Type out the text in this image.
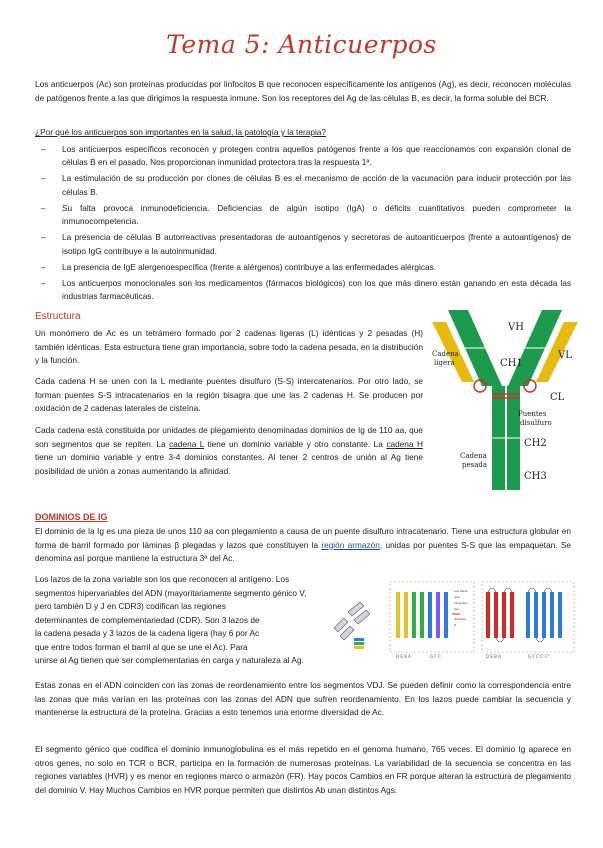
Tema 5: Anticuerpos

Los anticuerpos (Ac) son proteínas producidas por linfocitos B que reconocen específicamente los antígenos (Ag), es decir, reconocen moléculas de patógenos frente a las que dirigimos la respuesta inmune. Son los receptores del Ag de las células B, es decir, la forma soluble del BCR.

¿Por qué los anticuerpos son importantes en la salud, la patología y la terapia?
– Los anticuerpos específicos reconocen y protegen contra aquellos patógenos frente a los que reaccionamos con expansión clonal de células B en el pasado. Nos proporcionan inmunidad protectora tras la respuesta 1ª.
– La estimulación de su producción por clones de células B es el mecanismo de acción de la vacunación para inducir protección por las células B.
– Su falta provoca inmunodeficiencia. Deficiencias de algún isotipo (IgA) o déficits cuantitativos pueden comprometer la inmunocompetencia.
– La presencia de células B autorreactivas presentadoras de autoantígenos y secretoras de autoanticuerpos (frente a autoantígenos) de isotipo IgG contribuye a la autoinmunidad.
– La presencia de IgE alergenoespecífica (frente a alérgenos) contribuye a las enfermedades alérgicas.
– Los anticuerpos monoclonales son los medicamentos (fármacos biológicos) con los que más dinero están ganando en esta década las industrias farmacéuticas.
Estructura

Un monómero de Ac es un tetrámero formado por 2 cadenas ligeras (L) idénticas y 2 pesadas (H) también idénticas. Esta estructura tiene gran importancia, sobre todo la cadena pesada, en la distribución y la función.

Cada cadena H se unen con la L mediante puentes disulfuro (S-S) intercatenarios. Por otro lado, se forman puentes S-S intracatenarios en la región bisagra que une las 2 cadenas H. Se producen por oxidación de 2 cadenas laterales de cisteína.

Cada cadena está constituida por unidades de plegamiento denominadas dominios de Ig de 110 aa, que son segmentos que se repiten. La cadena L tiene un dominio variable y otro constante. La cadena H tiene un dominio variable y entre 3-4 dominios constantes. Al tener 2 centros de unión al Ag tiene posibilidad de unión a zonas aumentando la afinidad.

VH
VL
CH1
CL
CH2
CH3
Cadena
ligera
Puentes
disulfuro
Cadena
pesada
DOMINIOS DE IG

El dominio de la Ig es una pieza de unos 110 aa con plegamiento a causa de un puente disulfuro intracatenario. Tiene una estructura globular en forma de barril formado por láminas β plegadas y lazos que constituyen la región armazón, unidas por puentes S-S que las empaquetan. Se denomina así porque mantiene la estructura 3ª del Ac.

Los lazos de la zona variable son los que reconocen al antígeno. Los
segmentos hipervariables del ADN (mayoritariamente segmento génico V,
pero también D y J en CDR3) codifican las regiones
determinantes de complementariedad (CDR). Son 3 lazos de
la cadena pesada y 3 lazos de la cadena ligera (hay 6 por Ac
que entre todos forman el barril al que se une el Ac). Para
unirse al Ag tienen que ser complementarias en carga y naturaleza al Ag.
Los lazos
que
conectan
las
láminas
β
D E B A	G F C	D E B A	G F C C' C''

Estas zonas en el ADN coinciden con las zonas de reordenamiento entre los segmentos VDJ. Se pueden definir como la correspondencia entre las zonas que más varían en las proteínas con las zonas del ADN que sufren reordenamiento. En los lazos puede cambiar la secuencia y mantenerse la estructura de la proteína. Gracias a esto tenemos una enorme diversidad de Ac.

El segmento génico que codifica el dominio inmunoglobulina es el más repetido en el genoma humano, 765 veces. El dominio Ig aparece en otros genes, no solo en TCR o BCR, participa en la formación de numerosas proteínas. La variabilidad de la secuencia se concentra en las regiones variables (HVR) y es menor en regiones marco o armazón (FR). Hay pocos Cambios en FR porque alteran la estructura de plegamiento del dominio V. Hay Muchos Cambios en HVR porque permiten que distintos Ab unan distintos Ags.
